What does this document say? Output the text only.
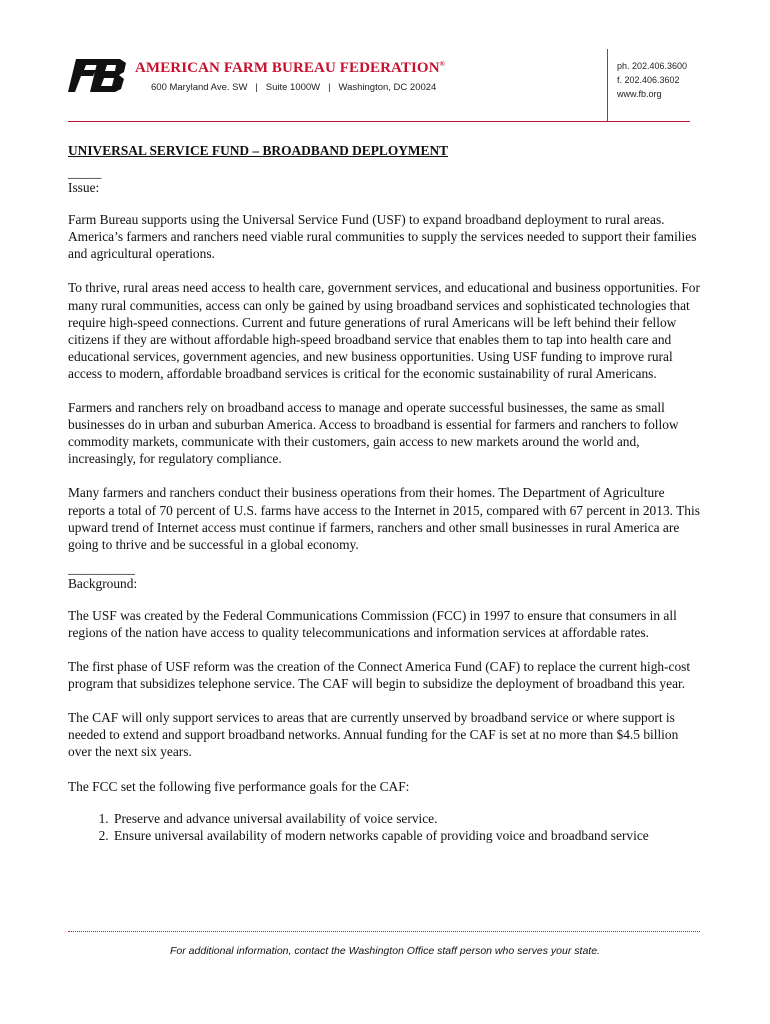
AMERICAN FARM BUREAU FEDERATION®
600 Maryland Ave. SW   |   Suite 1000W   |   Washington, DC 20024
ph. 202.406.3600
f. 202.406.3602
www.fb.org
UNIVERSAL SERVICE FUND – BROADBAND DEPLOYMENT
_____
Issue:

Farm Bureau supports using the Universal Service Fund (USF) to expand broadband deployment to rural areas. America’s farmers and ranchers need viable rural communities to supply the services needed to support their families and agricultural operations.

To thrive, rural areas need access to health care, government services, and educational and business opportunities. For many rural communities, access can only be gained by using broadband services and sophisticated technologies that require high-speed connections. Current and future generations of rural Americans will be left behind their fellow citizens if they are without affordable high-speed broadband service that enables them to tap into health care and educational services, government agencies, and new business opportunities. Using USF funding to improve rural access to modern, affordable broadband services is critical for the economic sustainability of rural Americans.

Farmers and ranchers rely on broadband access to manage and operate successful businesses, the same as small businesses do in urban and suburban America. Access to broadband is essential for farmers and ranchers to follow commodity markets, communicate with their customers, gain access to new markets around the world and, increasingly, for regulatory compliance.

Many farmers and ranchers conduct their business operations from their homes. The Department of Agriculture reports a total of 70 percent of U.S. farms have access to the Internet in 2015, compared with 67 percent in 2013. This upward trend of Internet access must continue if farmers, ranchers and other small businesses in rural America are going to thrive and be successful in a global economy.

__________
Background:

The USF was created by the Federal Communications Commission (FCC) in 1997 to ensure that consumers in all regions of the nation have access to quality telecommunications and information services at affordable rates.

The first phase of USF reform was the creation of the Connect America Fund (CAF) to replace the current high-cost program that subsidizes telephone service. The CAF will begin to subsidize the deployment of broadband this year.

The CAF will only support services to areas that are currently unserved by broadband service or where support is needed to extend and support broadband networks. Annual funding for the CAF is set at no more than $4.5 billion over the next six years.

The FCC set the following five performance goals for the CAF:

1. Preserve and advance universal availability of voice service.
2. Ensure universal availability of modern networks capable of providing voice and broadband service
For additional information, contact the Washington Office staff person who serves your state.
